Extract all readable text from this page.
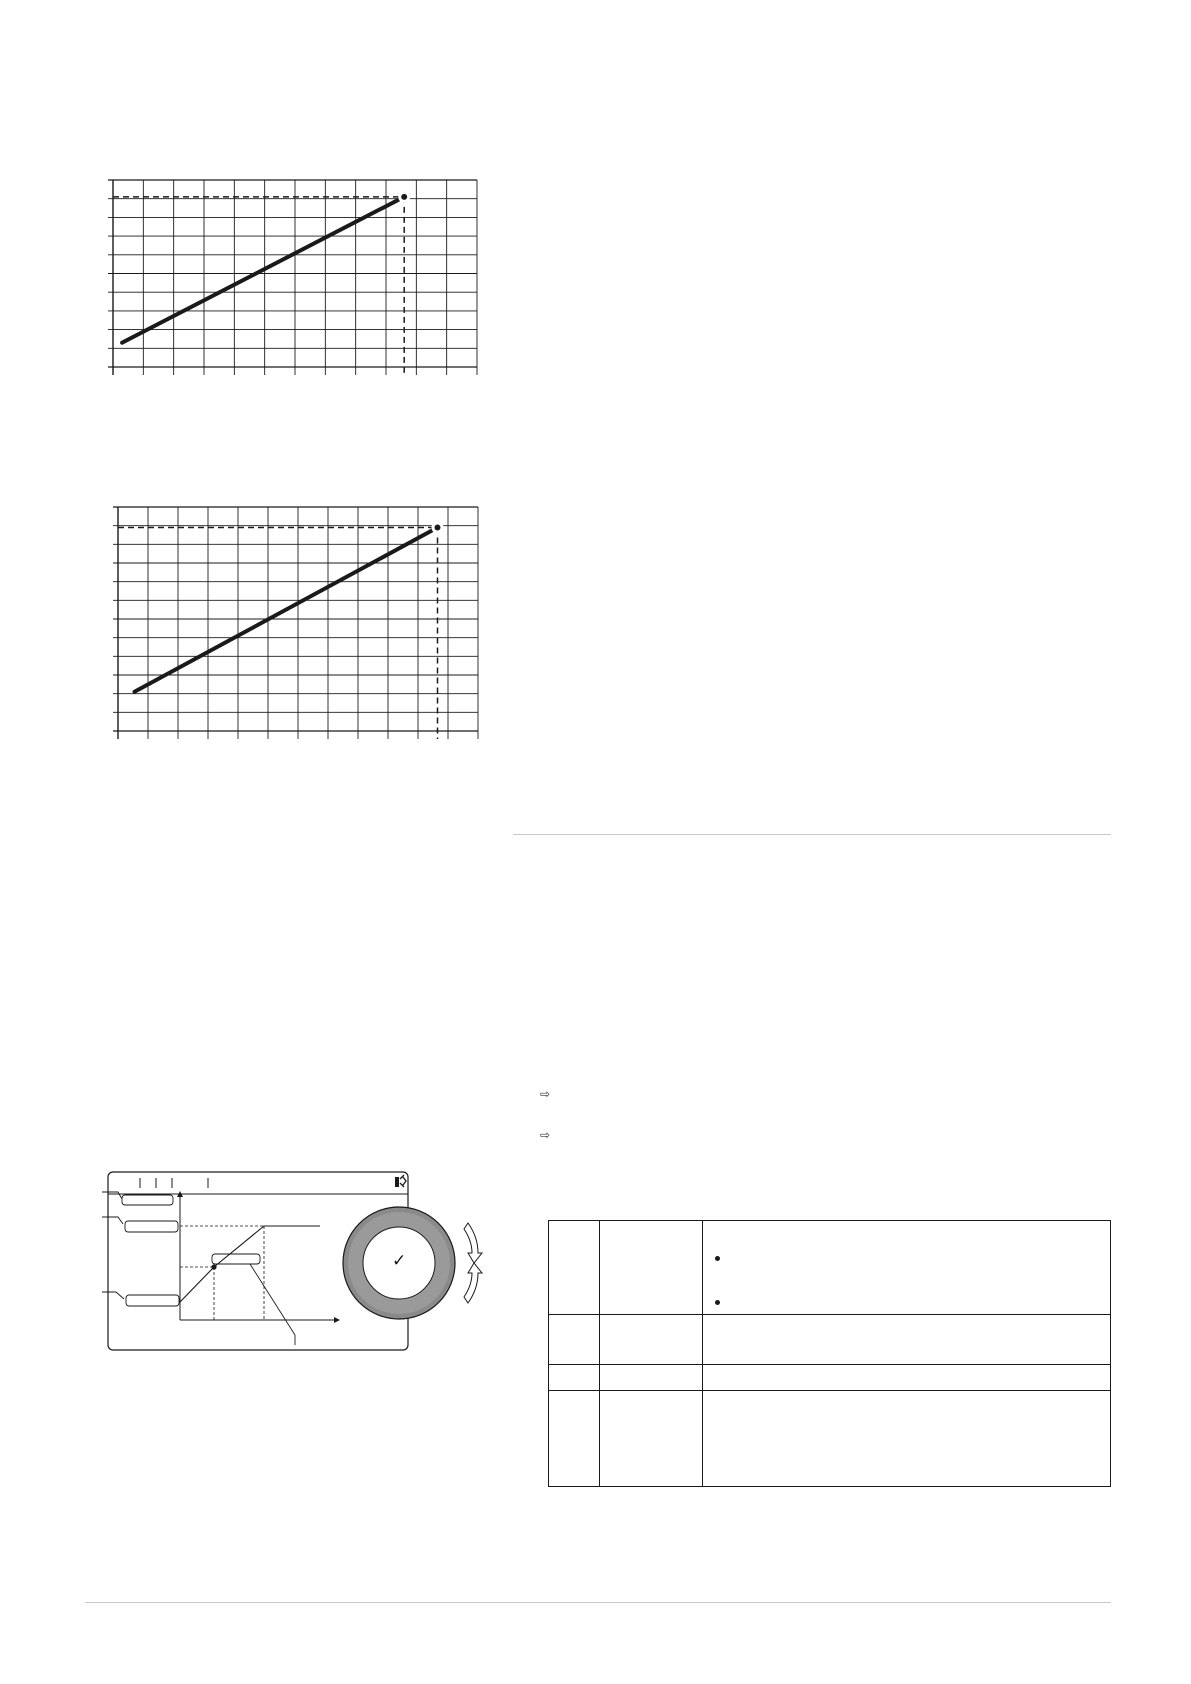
⇨
⇨
✓
